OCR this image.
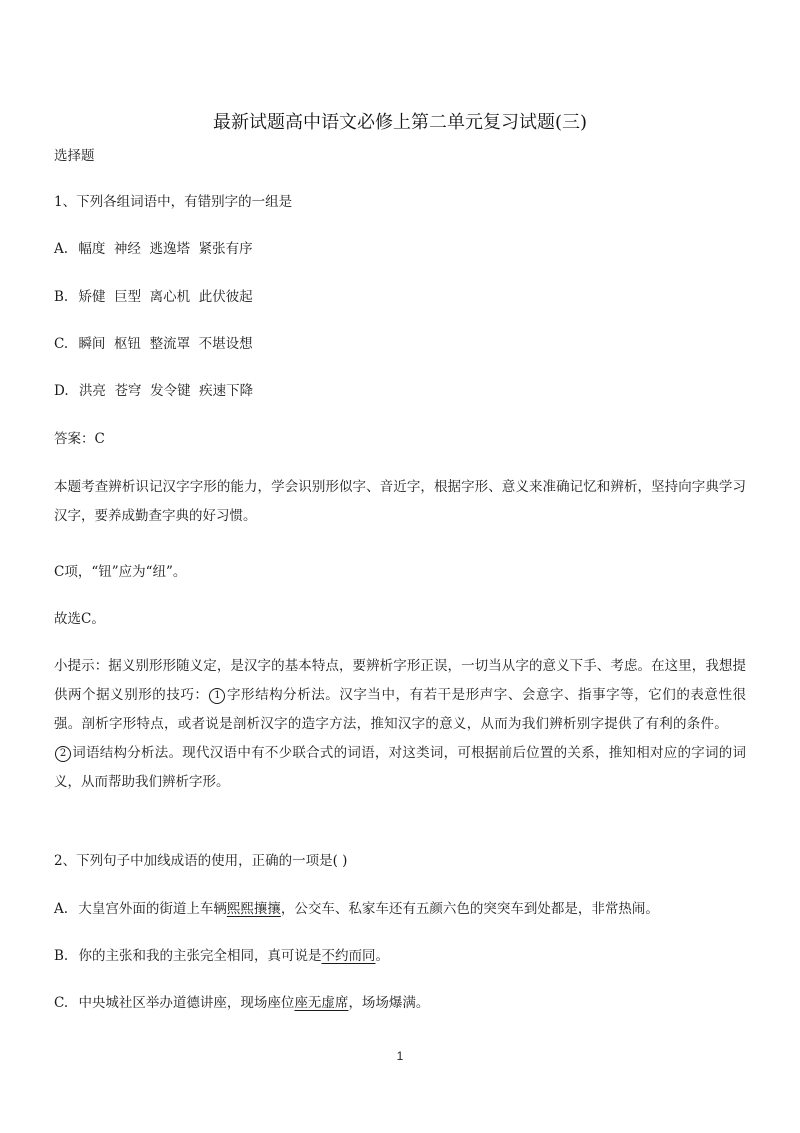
最新试题高中语文必修上第二单元复习试题(三)
选择题
1、下列各组词语中，有错别字的一组是
A. 幅度  神经  逃逸塔  紧张有序
B. 矫健  巨型  离心机  此伏彼起
C. 瞬间  枢钮  整流罩  不堪设想
D. 洪亮  苍穹  发令键  疾速下降
答案：C
本题考查辨析识记汉字字形的能力，学会识别形似字、音近字，根据字形、意义来准确记忆和辨析，坚持向字典学习汉字，要养成勤查字典的好习惯。
C项，“钮”应为“纽”。
故选C。
小提示：据义别形形随义定，是汉字的基本特点，要辨析字形正误，一切当从字的意义下手、考虑。在这里，我想提供两个据义别形的技巧： 1 字形结构分析法。汉字当中，有若干是形声字、会意字、指事字等，它们的表意性很强。剖析字形特点，或者说是剖析汉字的造字方法，推知汉字的意义，从而为我们辨析别字提供了有利的条件。    2 词语结构分析法。现代汉语中有不少联合式的词语，对这类词，可根据前后位置的关系，推知相对应的字词的词义，从而帮助我们辨析字形。
2、下列句子中加线成语的使用，正确的一项是( )
A. 大皇宫外面的街道上车辆熙熙攘攘，公交车、私家车还有五颜六色的突突车到处都是，非常热闹。
B. 你的主张和我的主张完全相同，真可说是不约而同。
C. 中央城社区举办道德讲座，现场座位座无虚席，场场爆满。
1
